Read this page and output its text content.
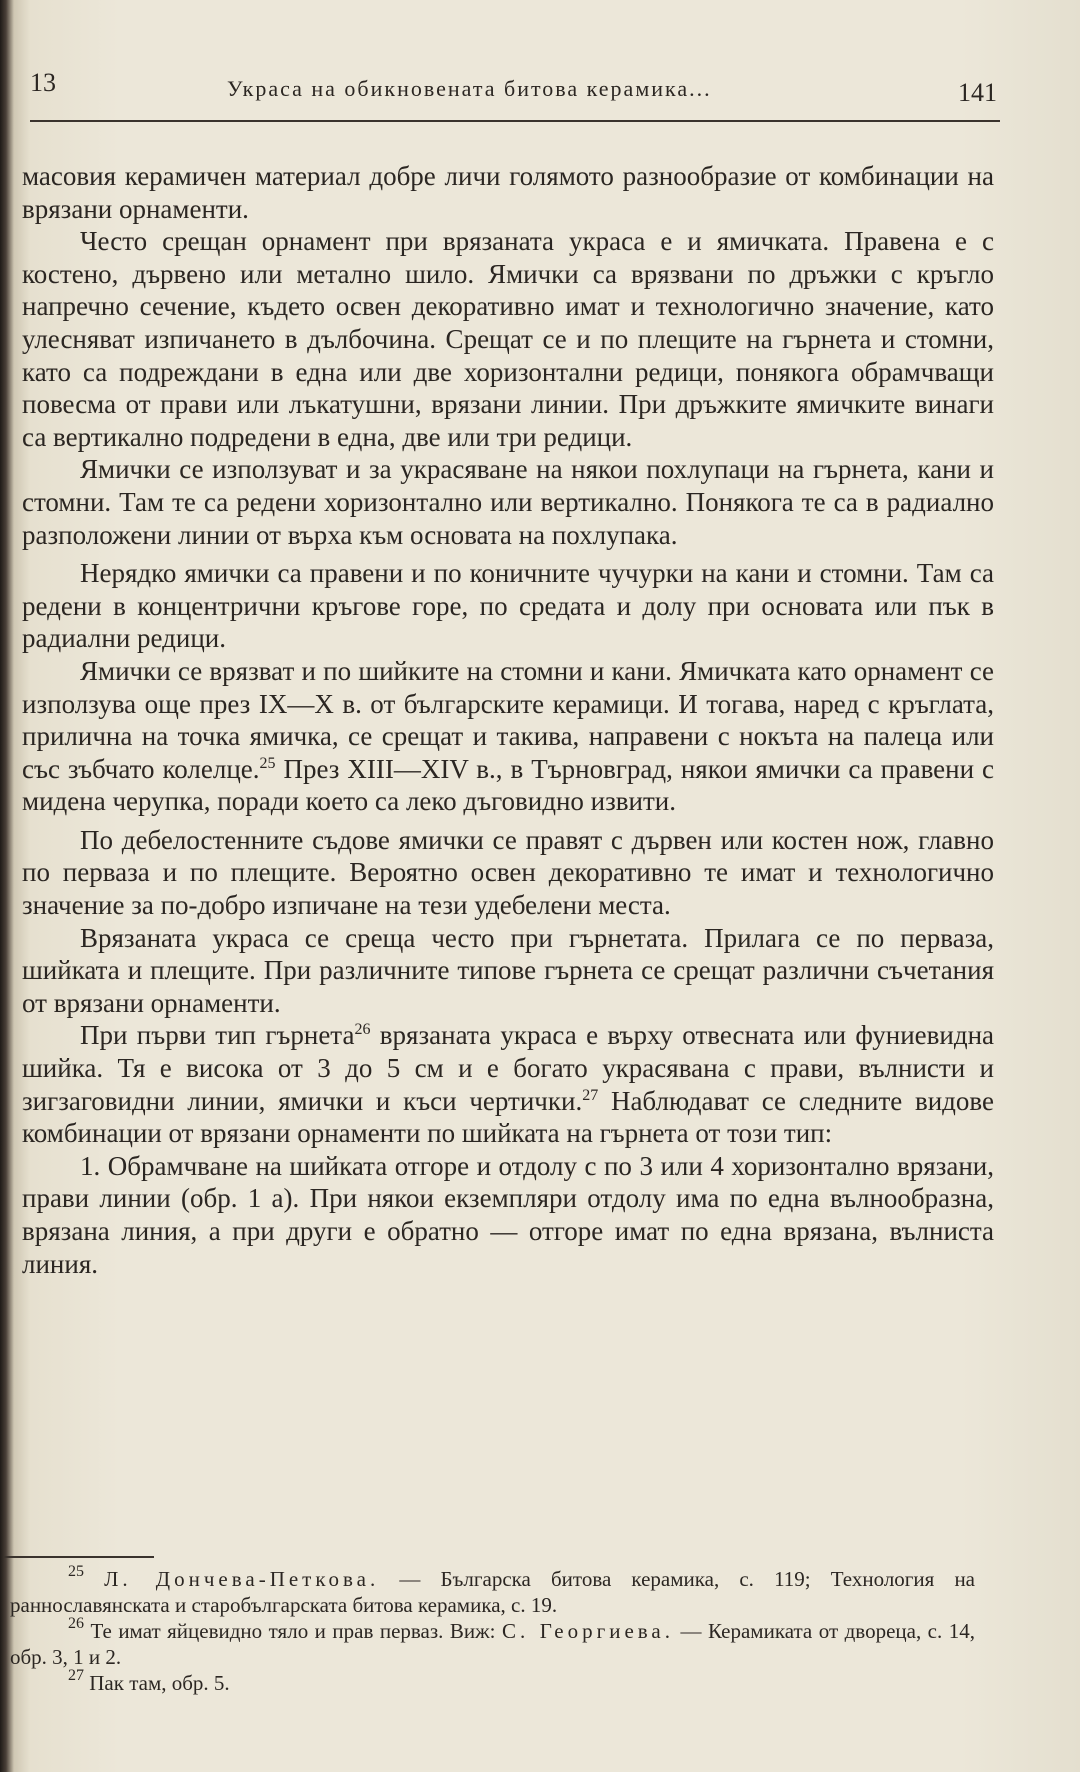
13	Украса на обикновената битова керамика...	141

масовия керамичен материал добре личи голямото разнообразие от комбинации на врязани орнаменти.

Често срещан орнамент при врязаната украса е и ямичката. Правена е с костено, дървено или метално шило. Ямички са врязвани по дръжки с кръгло напречно сечение, където освен декоративно имат и технологично значение, като улесняват изпичането в дълбочина. Срещат се и по плещите на гърнета и стомни, като са подреждани в една или две хоризонтални редици, понякога обрамчващи повесма от прави или лъкатушни, врязани линии. При дръжките ямичките винаги са вертикално подредени в една, две или три редици.

Ямички се използуват и за украсяване на някои похлупаци на гърнета, кани и стомни. Там те са редени хоризонтално или вертикално. Понякога те са в радиално разположени линии от върха към основата на похлупака.

Нерядко ямички са правени и по коничните чучурки на кани и стомни. Там са редени в концентрични кръгове горе, по средата и долу при основата или пък в радиални редици.

Ямички се врязват и по шийките на стомни и кани. Ямичката като орнамент се използува още през IX—X в. от българските керамици. И тогава, наред с кръглата, прилична на точка ямичка, се срещат и такива, направени с нокъта на палеца или със зъбчато колелце.$^{25}$ През XIII—XIV в., в Търновград, някои ямички са правени с мидена черупка, поради което са леко дъговидно извити.

По дебелостенните съдове ямички се правят с дървен или костен нож, главно по перваза и по плещите. Вероятно освен декоративно те имат и технологично значение за по-добро изпичане на тези удебелени места.

Врязаната украса се среща често при гърнетата. Прилага се по перваза, шийката и плещите. При различните типове гърнета се срещат различни съчетания от врязани орнаменти.

При първи тип гърнета$^{26}$ врязаната украса е върху отвесната или фуниевидна шийка. Тя е висока от 3 до 5 см и е богато украсявана с прави, вълнисти и зигзаговидни линии, ямички и къси чертички.$^{27}$ Наблюдават се следните видове комбинации от врязани орнаменти по шийката на гърнета от този тип:

1. Обрамчване на шийката отгоре и отдолу с по 3 или 4 хоризонтално врязани, прави линии (обр. 1 а). При някои екземпляри отдолу има по една вълнообразна, врязана линия, а при други е обратно — отгоре имат по една врязана, вълниста линия.

$^{25}$ Л. Дончева-Петкова. — Българска битова керамика, с. 119; Технология на раннославянската и старобългарската битова керамика, с. 19.

$^{26}$ Те имат яйцевидно тяло и прав перваз. Виж: С. Георгиева. — Керамиката от двореца, с. 14, обр. 3, 1 и 2.

$^{27}$ Пак там, обр. 5.
